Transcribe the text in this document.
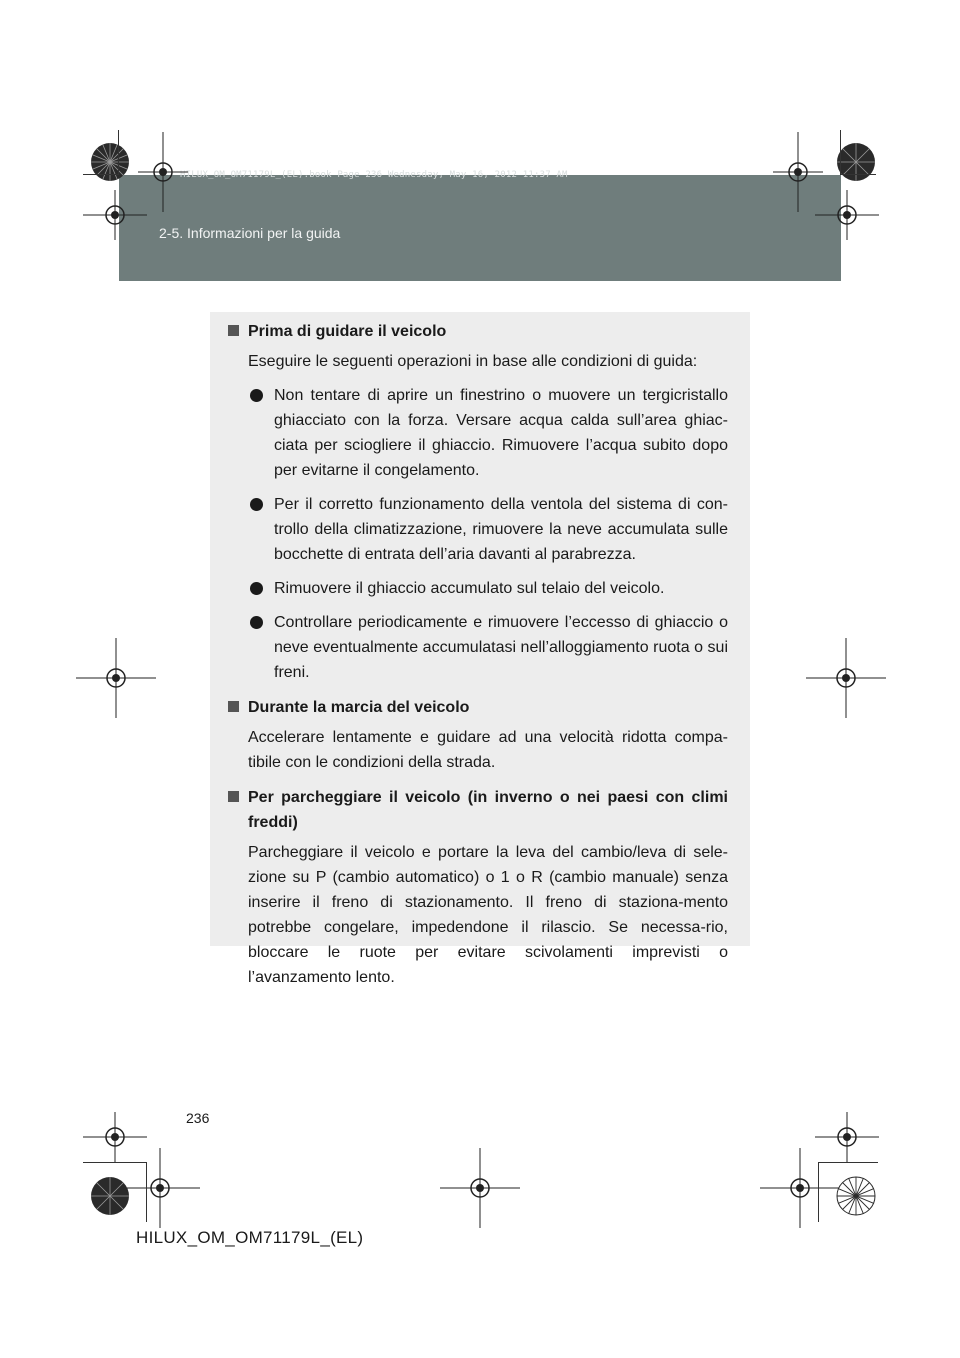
2-5. Informazioni per la guida
HILUX_OM_OM71179L_(EL).book Page 236 Wednesday, May 16, 2012 11:37 AM
Prima di guidare il veicolo
Eseguire le seguenti operazioni in base alle condizioni di guida:
Non tentare di aprire un finestrino o muovere un tergicristallo ghiacciato con la forza. Versare acqua calda sull’area ghiac-ciata per sciogliere il ghiaccio. Rimuovere l’acqua subito dopo per evitarne il congelamento.
Per il corretto funzionamento della ventola del sistema di con-trollo della climatizzazione, rimuovere la neve accumulata sulle bocchette di entrata dell’aria davanti al parabrezza.
Rimuovere il ghiaccio accumulato sul telaio del veicolo.
Controllare periodicamente e rimuovere l’eccesso di ghiaccio o neve eventualmente accumulatasi nell’alloggiamento ruota o sui freni.
Durante la marcia del veicolo
Accelerare lentamente e guidare ad una velocità ridotta compa-tibile con le condizioni della strada.
Per parcheggiare il veicolo (in inverno o nei paesi con climi freddi)
Parcheggiare il veicolo e portare la leva del cambio/leva di sele-zione su P (cambio automatico) o 1 o R (cambio manuale) senza inserire il freno di stazionamento. Il freno di staziona-mento potrebbe congelare, impedendone il rilascio. Se necessa-rio, bloccare le ruote per evitare scivolamenti imprevisti o l’avanzamento lento.
236
HILUX_OM_OM71179L_(EL)
